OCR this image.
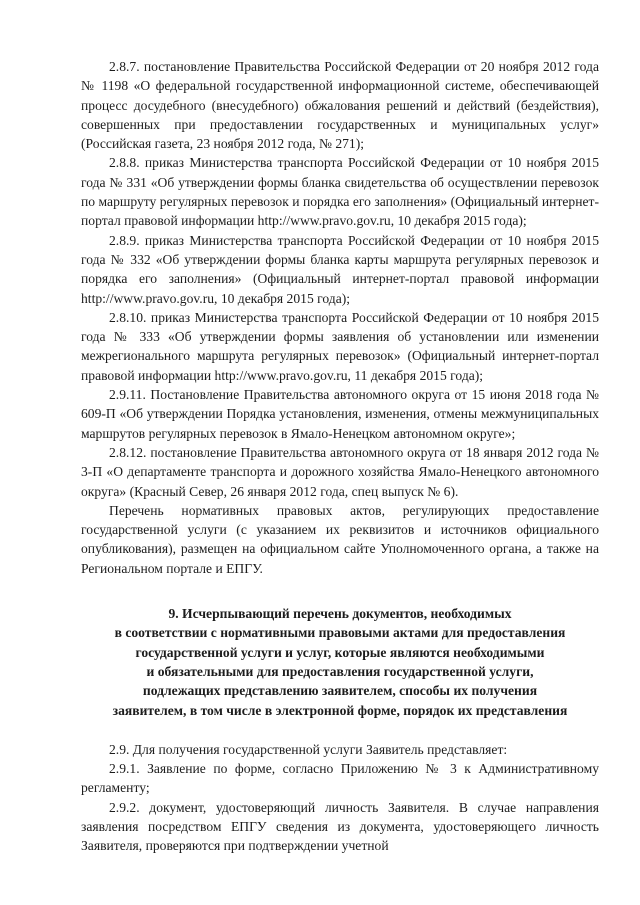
2.8.7. постановление Правительства Российской Федерации от 20 ноября 2012 года № 1198 «О федеральной государственной информационной системе, обеспечивающей процесс досудебного (внесудебного) обжалования решений и действий (бездействия), совершенных при предоставлении государственных и муниципальных услуг» (Российская газета, 23 ноября 2012 года, № 271);

2.8.8. приказ Министерства транспорта Российской Федерации от 10 ноября 2015 года № 331 «Об утверждении формы бланка свидетельства об осуществлении перевозок по маршруту регулярных перевозок и порядка его заполнения» (Официальный интернет-портал правовой информации http://www.pravo.gov.ru, 10 декабря 2015 года);

2.8.9. приказ Министерства транспорта Российской Федерации от 10 ноября 2015 года № 332 «Об утверждении формы бланка карты маршрута регулярных перевозок и порядка его заполнения» (Официальный интернет-портал правовой информации http://www.pravo.gov.ru, 10 декабря 2015 года);

2.8.10. приказ Министерства транспорта Российской Федерации от 10 ноября 2015 года № 333 «Об утверждении формы заявления об установлении или изменении межрегионального маршрута регулярных перевозок» (Официальный интернет-портал правовой информации http://www.pravo.gov.ru, 11 декабря 2015 года);

2.9.11. Постановление Правительства автономного округа от 15 июня 2018 года № 609-П «Об утверждении Порядка установления, изменения, отмены межмуниципальных маршрутов регулярных перевозок в Ямало-Ненецком автономном округе»;

2.8.12. постановление Правительства автономного округа от 18 января 2012 года № 3-П «О департаменте транспорта и дорожного хозяйства Ямало-Ненецкого автономного округа» (Красный Север, 26 января 2012 года, спец выпуск № 6).

Перечень нормативных правовых актов, регулирующих предоставление государственной услуги (с указанием их реквизитов и источников официального опубликования), размещен на официальном сайте Уполномоченного органа, а также на Региональном портале и ЕПГУ.

9. Исчерпывающий перечень документов, необходимых
в соответствии с нормативными правовыми актами для предоставления
государственной услуги и услуг, которые являются необходимыми
и обязательными для предоставления государственной услуги,
подлежащих представлению заявителем, способы их получения
заявителем, в том числе в электронной форме, порядок их представления

2.9. Для получения государственной услуги Заявитель представляет:

2.9.1. Заявление по форме, согласно Приложению № 3 к Административному регламенту;

2.9.2. документ, удостоверяющий личность Заявителя. В случае направления заявления посредством ЕПГУ сведения из документа, удостоверяющего личность Заявителя, проверяются при подтверждении учетной
